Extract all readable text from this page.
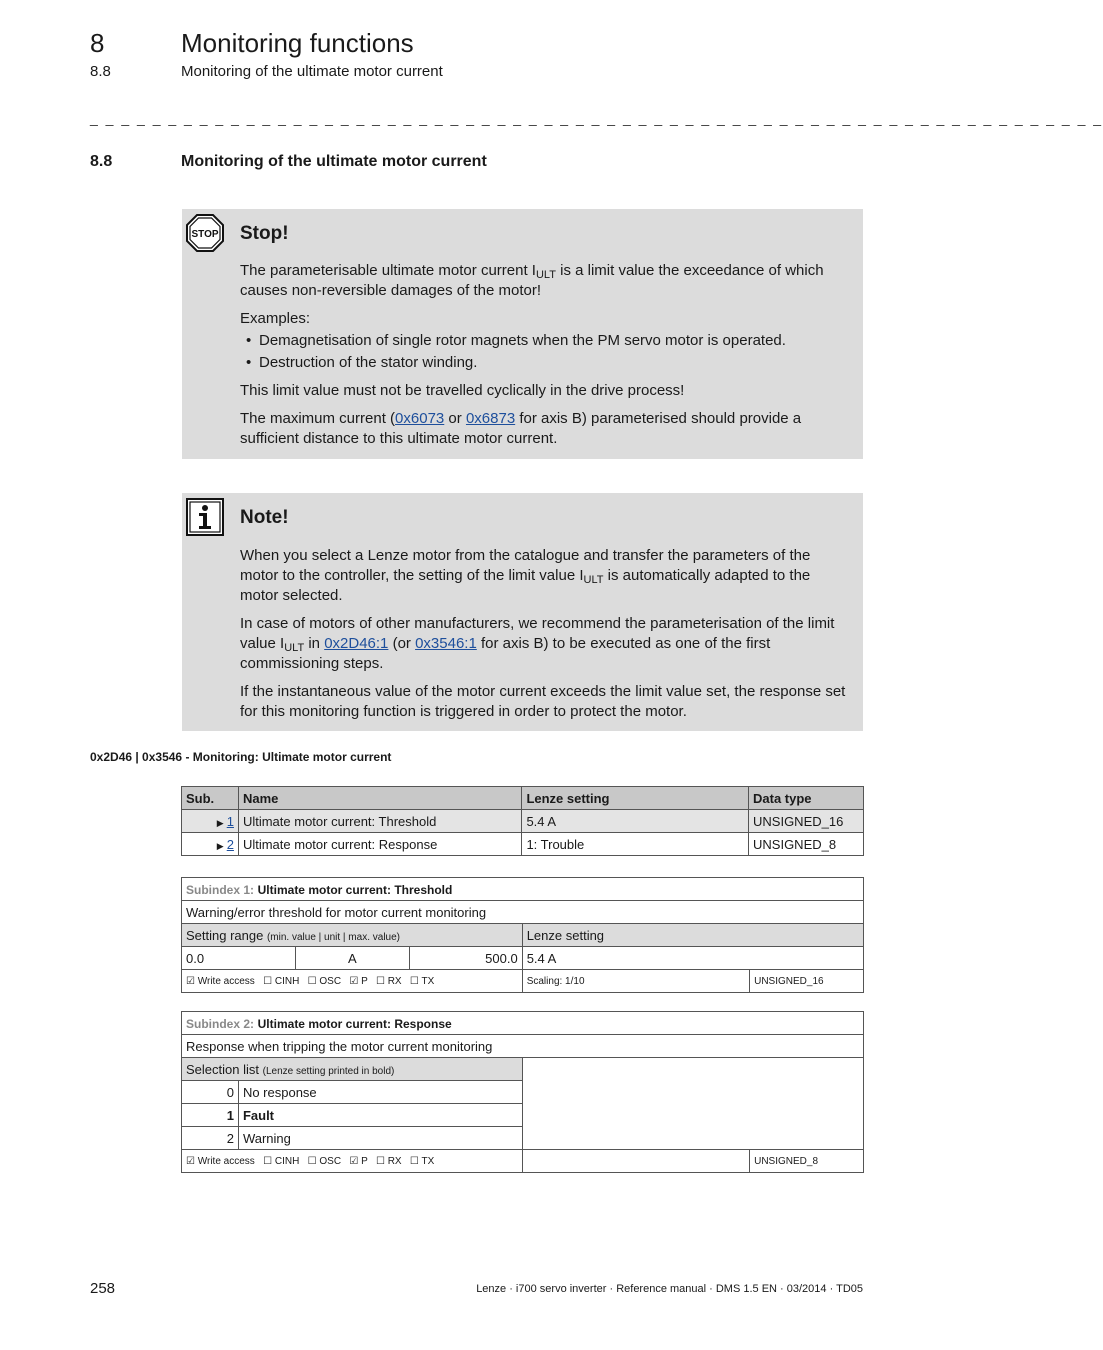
8	Monitoring functions
8.8	Monitoring of the ultimate motor current
_ _ _ _ _ _ _ _ _ _ _ _ _ _ _ _ _ _ _ _ _ _ _ _ _ _ _ _ _ _ _ _ _ _ _ _ _ _ _ _ _ _ _ _ _ _ _ _ _ _ _ _ _ _ _ _ _ _ _ _ _ _ _ _ _
8.8	Monitoring of the ultimate motor current
STOP Stop!

The parameterisable ultimate motor current $I_{ULT}$ is a limit value the exceedance of which causes non-reversible damages of the motor!

Examples:

• Demagnetisation of single rotor magnets when the PM servo motor is operated.
• Destruction of the stator winding.

This limit value must not be travelled cyclically in the drive process!

The maximum current (0x6073 or 0x6873 for axis B) parameterised should provide a sufficient distance to this ultimate motor current.

Note!

When you select a Lenze motor from the catalogue and transfer the parameters of the motor to the controller, the setting of the limit value $I_{ULT}$ is automatically adapted to the motor selected.

In case of motors of other manufacturers, we recommend the parameterisation of the limit value $I_{ULT}$ in 0x2D46:1 (or 0x3546:1 for axis B) to be executed as one of the first commissioning steps.

If the instantaneous value of the motor current exceeds the limit value set, the response set for this monitoring function is triggered in order to protect the motor.

0x2D46 | 0x3546 - Monitoring: Ultimate motor current
Sub.	Name	Lenze setting	Data type
▶ 1	Ultimate motor current: Threshold	5.4 A	UNSIGNED_16
▶ 2	Ultimate motor current: Response	1: Trouble	UNSIGNED_8
Subindex 1: Ultimate motor current: Threshold				
Warning/error threshold for motor current monitoring				
Setting range (min. value | unit | max. value)			Lenze setting	
0.0	A	500.0	5.4 A	
☑ Write access   ☐ CINH   ☐ OSC   ☑ P   ☐ RX   ☐ TX			Scaling: 1/10	UNSIGNED_16
Subindex 2: Ultimate motor current: Response			
Response when tripping the motor current monitoring			
Selection list (Lenze setting printed in bold)			
0	No response		
1	Fault		
2	Warning		
☑ Write access   ☐ CINH   ☐ OSC   ☑ P   ☐ RX   ☐ TX			UNSIGNED_8
258	Lenze · i700 servo inverter · Reference manual · DMS 1.5 EN · 03/2014 · TD05
